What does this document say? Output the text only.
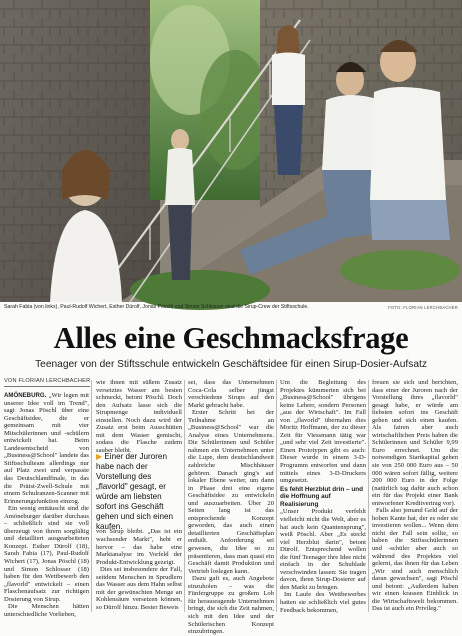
Sarah Fabia (von links), Paul-Rudolf Wichert, Esther Dürolf, Jonas Pöschl und Simon Schlosser sind die Sirup-Crew der Stiftsschule.	FOTO: FLORIAN LERCHBACHER
Alles eine Geschmacksfrage
Teenager von der Stiftsschule entwickeln Geschäftsidee für einen Sirup-Dosier-Aufsatz
VON FLORIAN LERCHBACHER

AMÖNEBURG. „Wir legen mit unserer Idee voll im Trend", sagt Jonas Pöschl über eine Geschäftsidee, die er gemeinsam mit vier Mitschülerinnen und -schülern entwickelt hat. Beim Landesentscheid von „Business@School" landete das Stiftsschulteam allerdings nur auf Platz zwei und verpasste das Deutschlandfinale, in das die Präist-Zwell-Schule mit einem Schulranzen-Scanner mit Erinnerungsfunktion einzog.

Ein wenig enttäuscht sind die Amöneburger darüber durchaus – schließlich sind sie voll überzeugt von ihrem sorgfältig und detailliert ausgearbeiteten Konzept. Esther Dürolf (18), Sarah Fabia (17), Paul-Rudolf Wichert (17), Jonas Pöschl (18) und Simon Schlosser (18) haben für den Wettbewerb den „flavorld" entwickelt – einen Flaschenaufsatz zur richtigen Dosierung von Sirup.

Die Menschen hätten unterschiedliche Vorlieben,

wie ihnen mit süßem Zusatz versetztes Wasser am besten schmeckt, betont Pöschl. Doch den Aufsatz lasse sich die Sirupmenge individuell einstellen. Noch dazu wird der Zusatz erst beim Ausschütten mit dem Wasser gemischt, sodass die Flasche zudem sauber bleibt.

von Sirup bleibt. „Das ist ein wachsender Markt", hebt er hervor – das habe eine Marktanalyse im Vorfeld der Produkt-Entwicklung gezeigt.

Dies sei insbesondere der Fall, seitdem Menschen in Sprudlern das Wasser aus dem Hahn selbst mit der gewünschten Menge an Kohlensäure versetzen können, so Dürolf hinzu. Bester Beweis

▶ Einer der Juroren habe nach der Vorstellung des „flavorld" gesagt, er würde am liebsten sofort ins Geschäft gehen und sich einen kaufen.

sei, dass das Unternehmen Coca-Cola selber jüngst verschiedene Sirups auf den Markt gebracht habe.

Erster Schritt bei der Teilnahme an „Business@School" war die Analyse eines Unternehmens. Die Schülerinnen und Schüler nahmen ein Unternehmen unter die Lupe, dem deutschlandweit zahlreiche Mischhäuser gehören. Danach ging's auf lokaler Ebene weiter, um dann in Phase drei eine eigene Geschäftsidee zu entwickeln und auszuarbeiten. Über 20 Seiten lang ist das entsprechende Konzept geworden, das auch einen detaillierten Geschäftsplan enthält. Anforderung sei gewesen, die Idee so zu präsentieren, dass man quasi ein Geschäft damit Produktion und Vertrieb loslegen kann.

Dazu gaft es, auch Angebote einzuholen – was die Fünfergruppe zu großem Lob für herausragende Unternehmen bringt, die sich die Zeit nahmen, sich mit den Idee und der Schülerischen Konzept einzubringen.

Um die Begleitung des Projektes kümmerten sich bei „Business@School" übrigens keine Lehrer, sondern Personen „aus der Wirtschaft". Im Fall von „flavorld" übernahm dies Moritz Hoffmann, der zu dieser Zeit für Viessmann tätig war „und sehr viel Zeit investierte". Einen Prototypen gibt es auch: Dieser wurde in einem 3-D-Programm entworfen und dann mittels eines 3-D-Druckers umgesetzt.

Es fehlt Herzblut drin – und die Hoffnung auf Realisierung

„Unser Produkt verfehlt vielleicht nicht die Welt, aber es hat auch kein Quantensprung", weiß Pöschl. Aber „Es steckt viel Herzblut darin", betont Dürolf. Entsprechend wollen die fünf Teenager ihre Idee nicht einfach in der Schublade verschwinden lassen: Sie tragen davon, ihren Sirup-Dosierer auf den Markt zu bringen.

Im Laufe des Wettbewerbes hatten sie schließlich viel gutes Feedback bekommen,

freuen sie sich und berichten, dass einer der Juroren nach der Vorstellung ihres „flavorld" gesagt habe, er würde am liebsten sofort ins Geschäft gehen und sich einen kaufen. Als fairen aber auch wirtschaftlichen Preis haben die Schülerinnen und Schüler 9,99 Euro errechnet. Um die notwendigen Startkapital gehen sie von 250 000 Euro aus – 50 000 wären sofort fällig, weitere 200 000 Euro in der Folge (natürlich tag dafür auch schon ein für das Projekt einer Bank entworfener Kreditvertrag vor).

Falls also jemand Geld auf der hohen Kante hat, der es oder sie investieren wollen... Wenn dem nicht der Fall sein sollte, so haben die Stiftsschülerinnen und -schüler aber auch so während des Projektes viel gelernt, das ihnen für das Leben „Wir sind auch menschlich daran gewachsen", sagt Pöschl und betont: „Außerdem haben wir einen krassen Einblick in die Wirtschaftswelt bekommen. Das ist auch ein Privileg."
